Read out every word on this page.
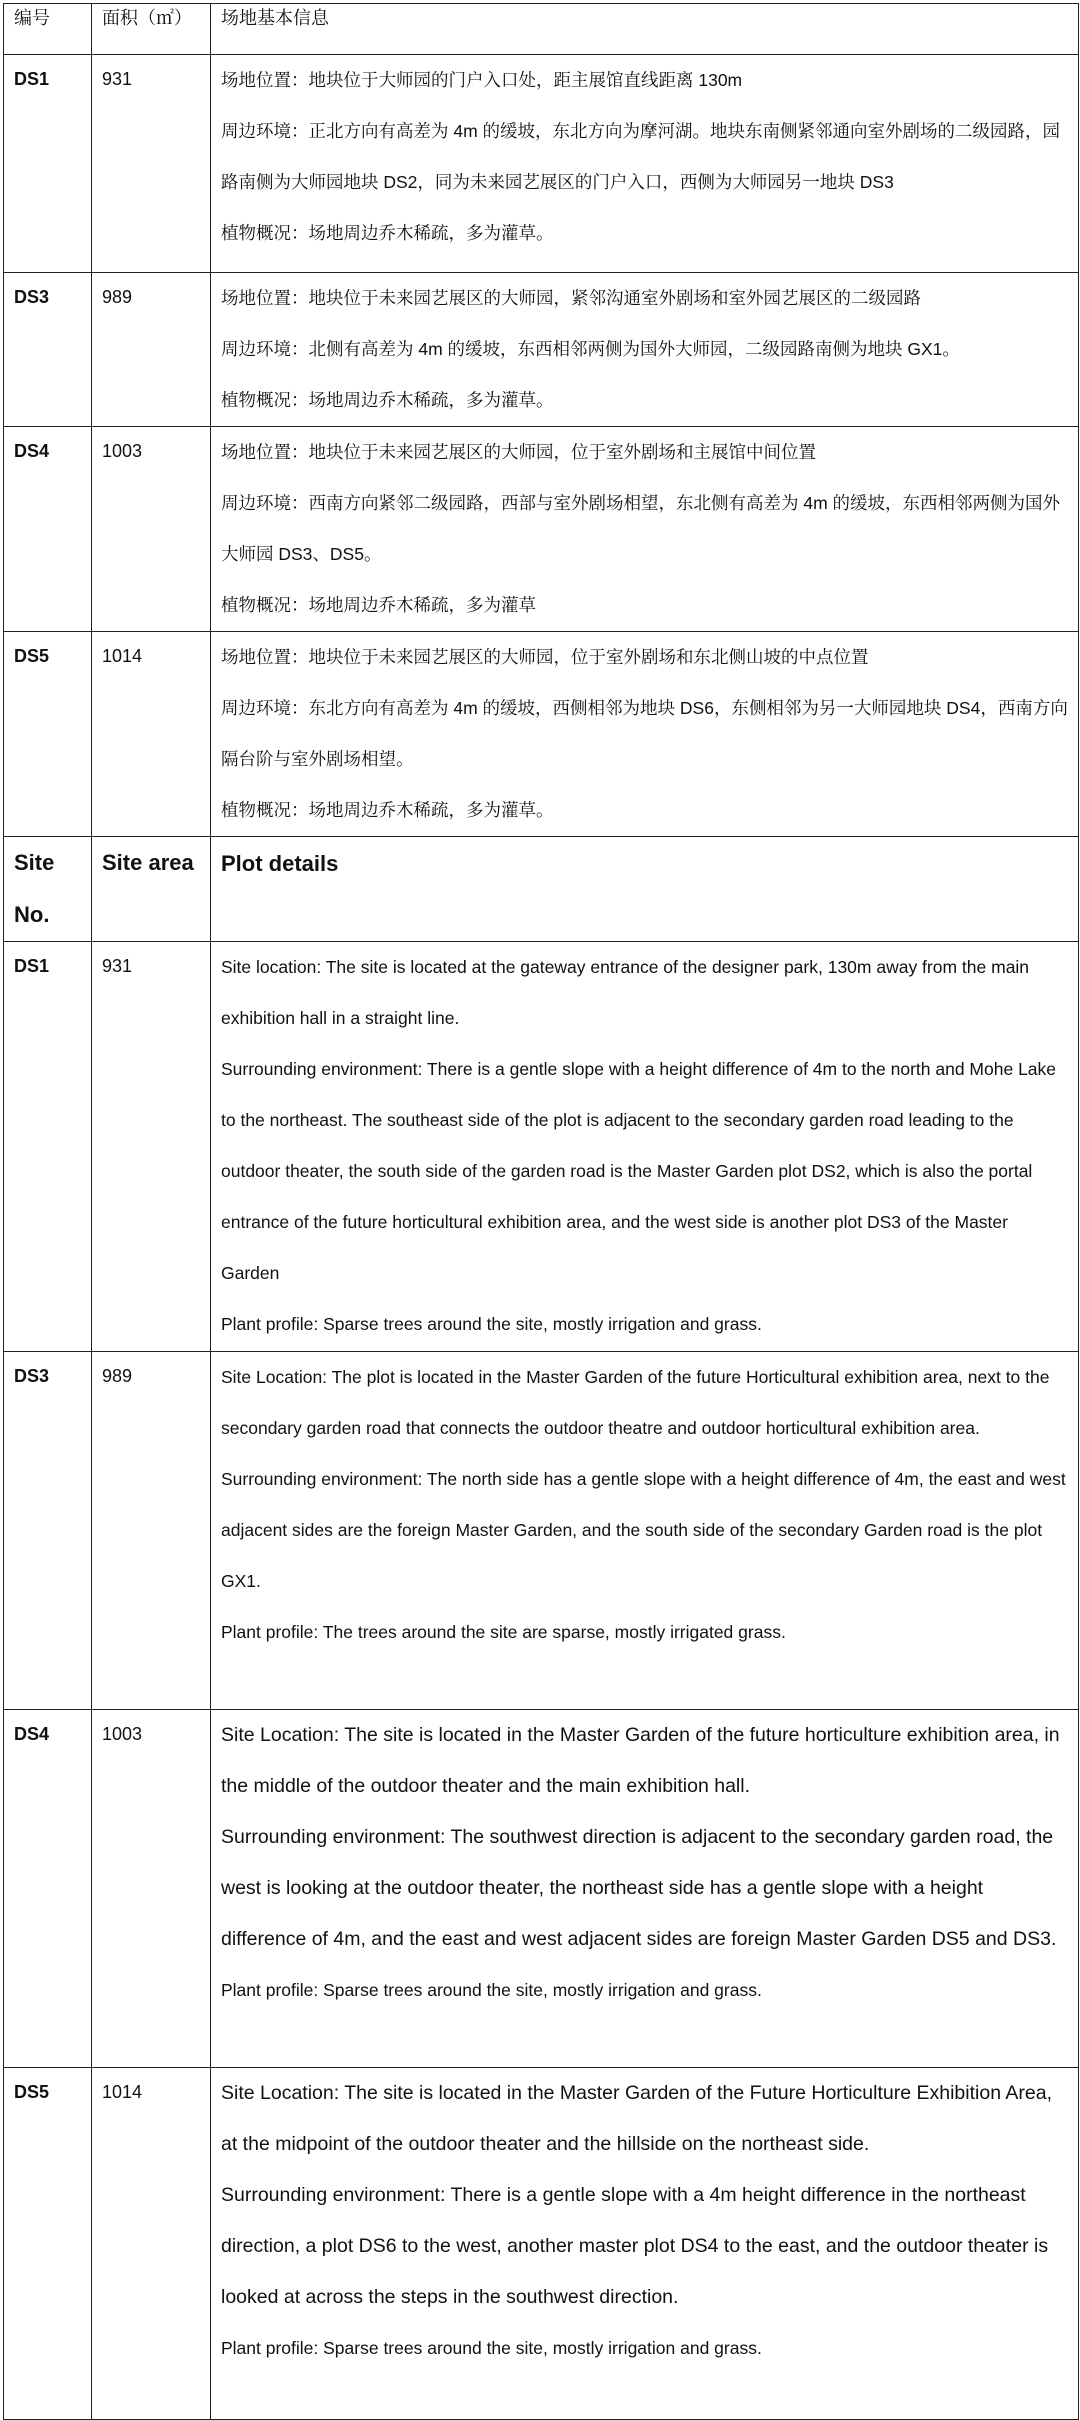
编号	面积（㎡）	场地基本信息
DS1	931	场地位置：地块位于大师园的门户入口处，距主展馆直线距离 130m

周边环境：正北方向有高差为 4m 的缓坡，东北方向为摩河湖。地块东南侧紧邻通向室外剧场的二级园路，园路南侧为大师园地块 DS2，同为未来园艺展区的门户入口，西侧为大师园另一地块 DS3

植物概况：场地周边乔木稀疏，多为灌草。

DS3	989	场地位置：地块位于未来园艺展区的大师园，紧邻沟通室外剧场和室外园艺展区的二级园路

周边环境：北侧有高差为 4m 的缓坡，东西相邻两侧为国外大师园，二级园路南侧为地块 GX1。

植物概况：场地周边乔木稀疏，多为灌草。

DS4	1003	场地位置：地块位于未来园艺展区的大师园，位于室外剧场和主展馆中间位置

周边环境：西南方向紧邻二级园路，西部与室外剧场相望，东北侧有高差为 4m 的缓坡，东西相邻两侧为国外大师园 DS3、DS5。

植物概况：场地周边乔木稀疏，多为灌草

DS5	1014	场地位置：地块位于未来园艺展区的大师园，位于室外剧场和东北侧山坡的中点位置

周边环境：东北方向有高差为 4m 的缓坡，西侧相邻为地块 DS6，东侧相邻为另一大师园地块 DS4，西南方向隔台阶与室外剧场相望。

植物概况：场地周边乔木稀疏，多为灌草。

Site No.	Site area	Plot details
DS1	931	Site location: The site is located at the gateway entrance of the designer park, 130m away from the main exhibition hall in a straight line.

Surrounding environment: There is a gentle slope with a height difference of 4m to the north and Mohe Lake to the northeast. The southeast side of the plot is adjacent to the secondary garden road leading to the outdoor theater, the south side of the garden road is the Master Garden plot DS2, which is also the portal entrance of the future horticultural exhibition area, and the west side is another plot DS3 of the Master Garden

Plant profile: Sparse trees around the site, mostly irrigation and grass.

DS3	989	Site Location: The plot is located in the Master Garden of the future Horticultural exhibition area, next to the secondary garden road that connects the outdoor theatre and outdoor horticultural exhibition area.

Surrounding environment: The north side has a gentle slope with a height difference of 4m, the east and west adjacent sides are the foreign Master Garden, and the south side of the secondary Garden road is the plot GX1.

Plant profile: The trees around the site are sparse, mostly irrigated grass.

DS4	1003	Site Location: The site is located in the Master Garden of the future horticulture exhibition area, in the middle of the outdoor theater and the main exhibition hall.

Surrounding environment: The southwest direction is adjacent to the secondary garden road, the west is looking at the outdoor theater, the northeast side has a gentle slope with a height difference of 4m, and the east and west adjacent sides are foreign Master Garden DS5 and DS3.

Plant profile: Sparse trees around the site, mostly irrigation and grass.

DS5	1014	Site Location: The site is located in the Master Garden of the Future Horticulture Exhibition Area, at the midpoint of the outdoor theater and the hillside on the northeast side.

Surrounding environment: There is a gentle slope with a 4m height difference in the northeast direction, a plot DS6 to the west, another master plot DS4 to the east, and the outdoor theater is looked at across the steps in the southwest direction.

Plant profile: Sparse trees around the site, mostly irrigation and grass.
